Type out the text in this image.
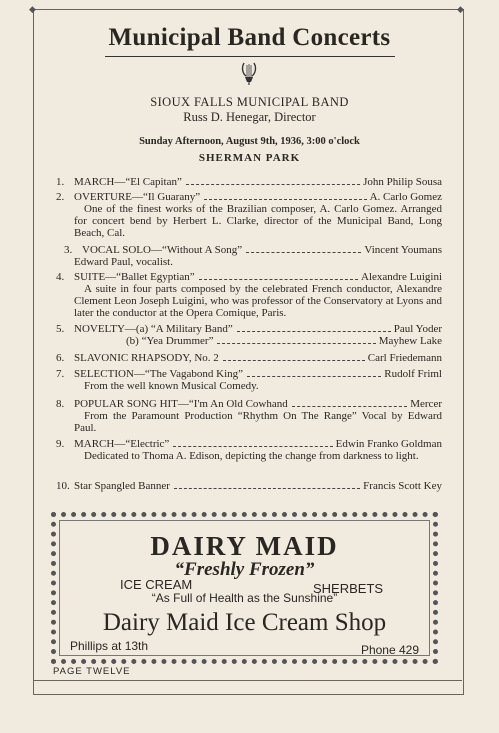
◆	◆
Municipal Band Concerts
SIOUX FALLS MUNICIPAL BAND
Russ D. Henegar, Director
Sunday Afternoon, August 9th, 1936, 3:00 o'clock
SHERMAN PARK
1. MARCH—“El Capitan”	John Philip Sousa
2. OVERTURE—“Il Guarany”	A. Carlo Gomez
One of the finest works of the Brazilian composer, A. Carlo Gomez. Arranged for concert bend by Herbert L. Clarke, director of the Municipal Band, Long Beach, Cal.
3. VOCAL SOLO—“Without A Song”	Vincent Youmans
Edward Paul, vocalist.
4. SUITE—“Ballet Egyptian”	Alexandre Luigini
A suite in four parts composed by the celebrated French conductor, Alexandre Clement Leon Joseph Luigini, who was professor of the Conservatory at Lyons and later the conductor at the Opera Comique, Paris.
5. NOVELTY—(a) “A Military Band”	Paul Yoder
(b) “Yea Drummer”	Mayhew Lake
6. SLAVONIC RHAPSODY, No. 2	Carl Friedemann
7. SELECTION—“The Vagabond King”	Rudolf Friml
From the well known Musical Comedy.
8. POPULAR SONG HIT—“I'm An Old Cowhand	Mercer
From the Paramount Production “Rhythm On The Range” Vocal by Edward Paul.
9. MARCH—“Electric”	Edwin Franko Goldman
Dedicated to Thoma A. Edison, depicting the change from darkness to light.
10. Star Spangled Banner	Francis Scott Key
DAIRY MAID
“Freshly Frozen”
ICE CREAM	SHERBETS
“As Full of Health as the Sunshine”
Dairy Maid Ice Cream Shop
Phillips at 13th	Phone 429
PAGE TWELVE
